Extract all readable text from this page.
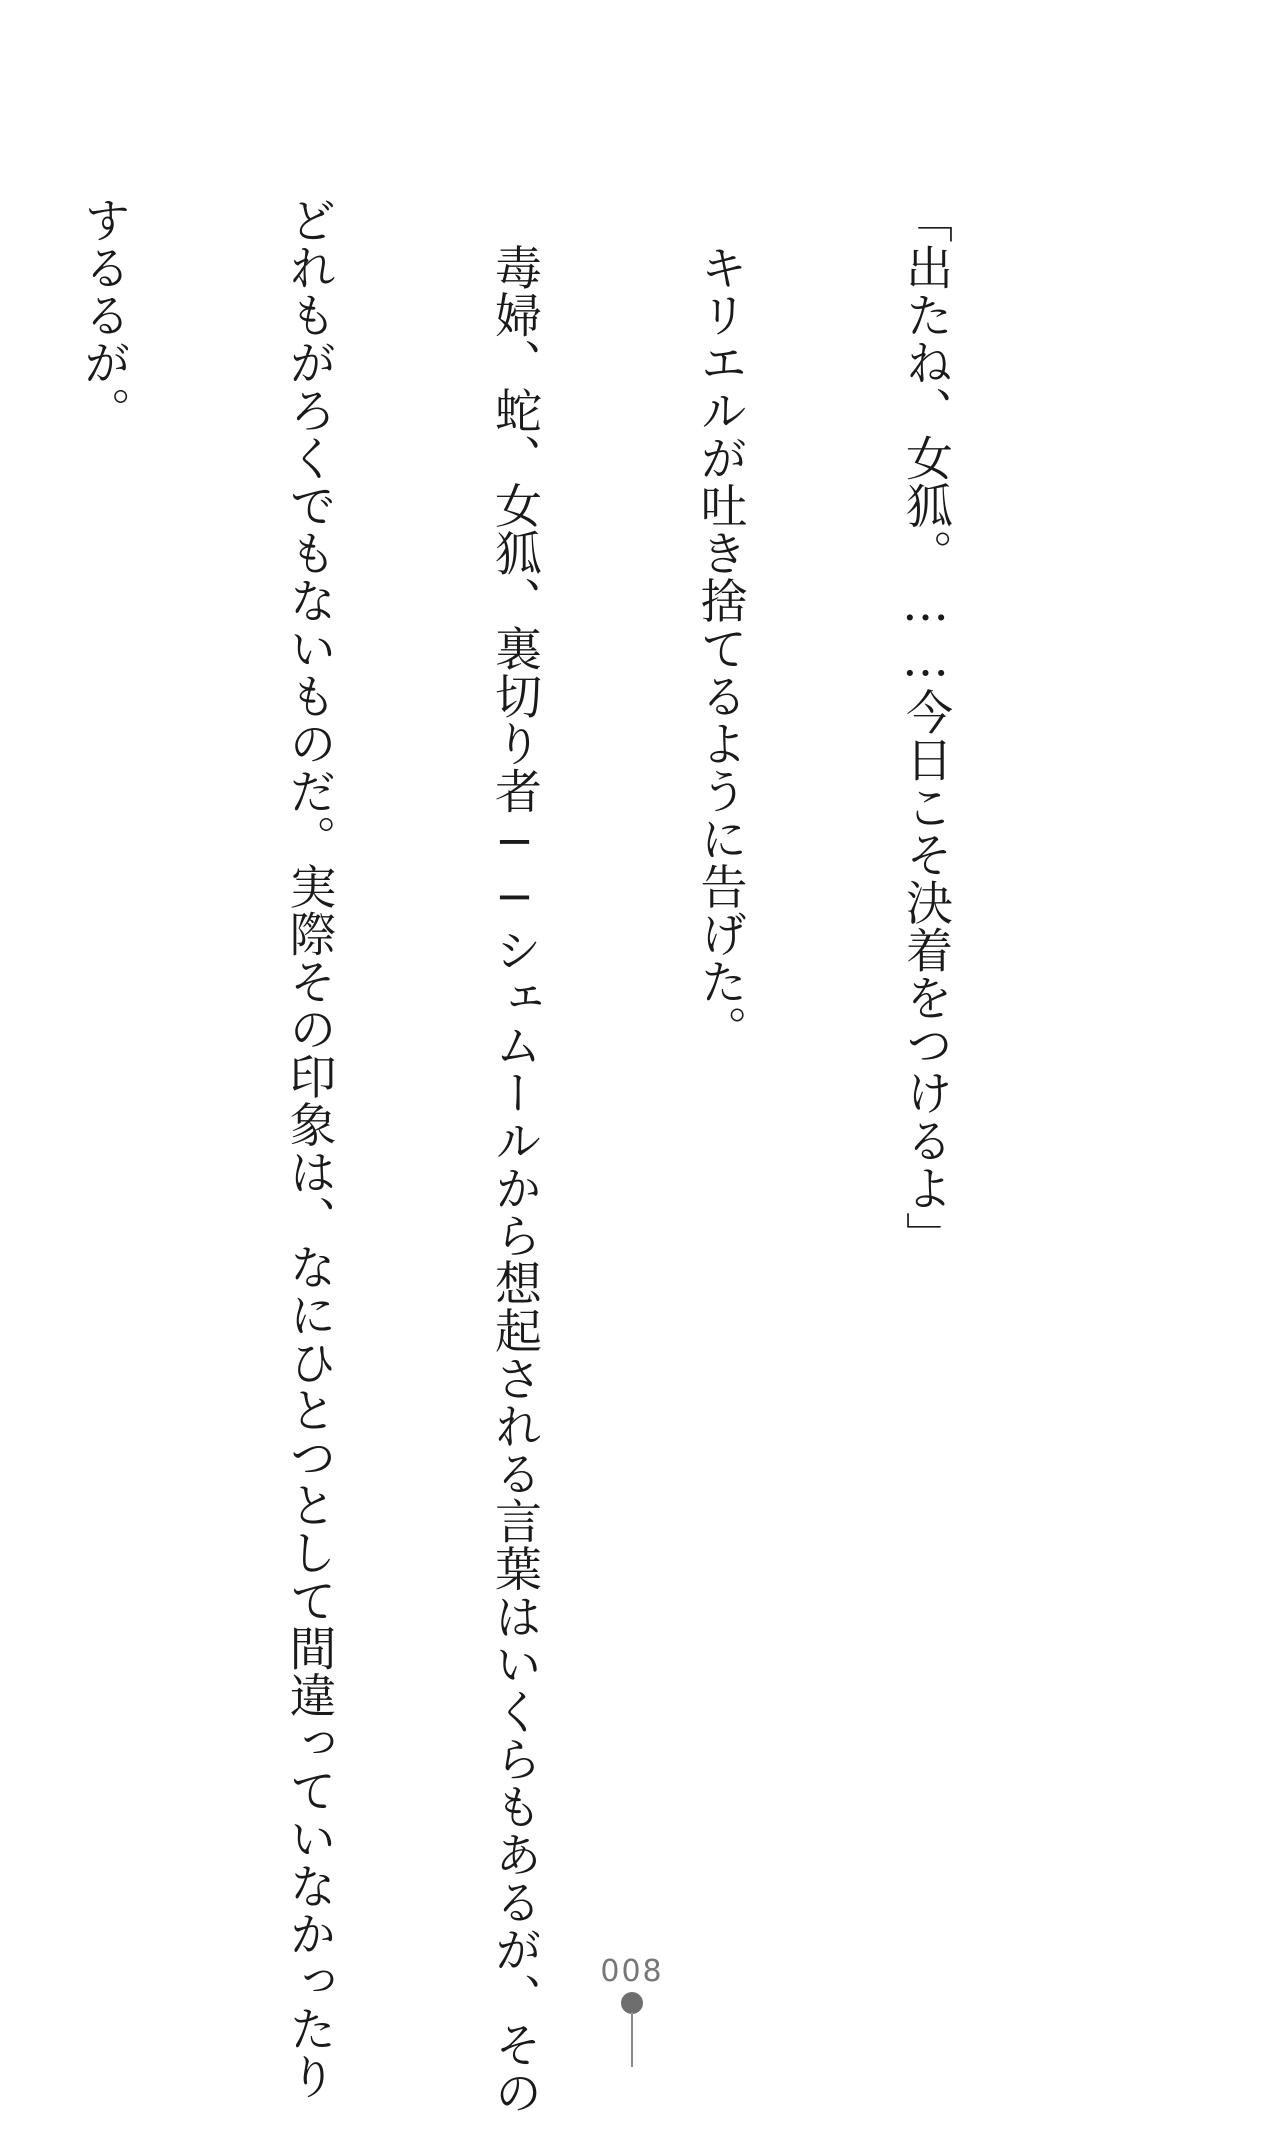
「出たね、女狐。……今日こそ決着をつけるよ」

　キリエルが吐き捨てるように告げた。

　毒婦、蛇、女狐、裏切り者──シェムールから想起される言葉はいくらもあるが、その

どれもがろくでもないものだ。実際その印象は、なにひとつとして間違っていなかったり

するるが。

008
